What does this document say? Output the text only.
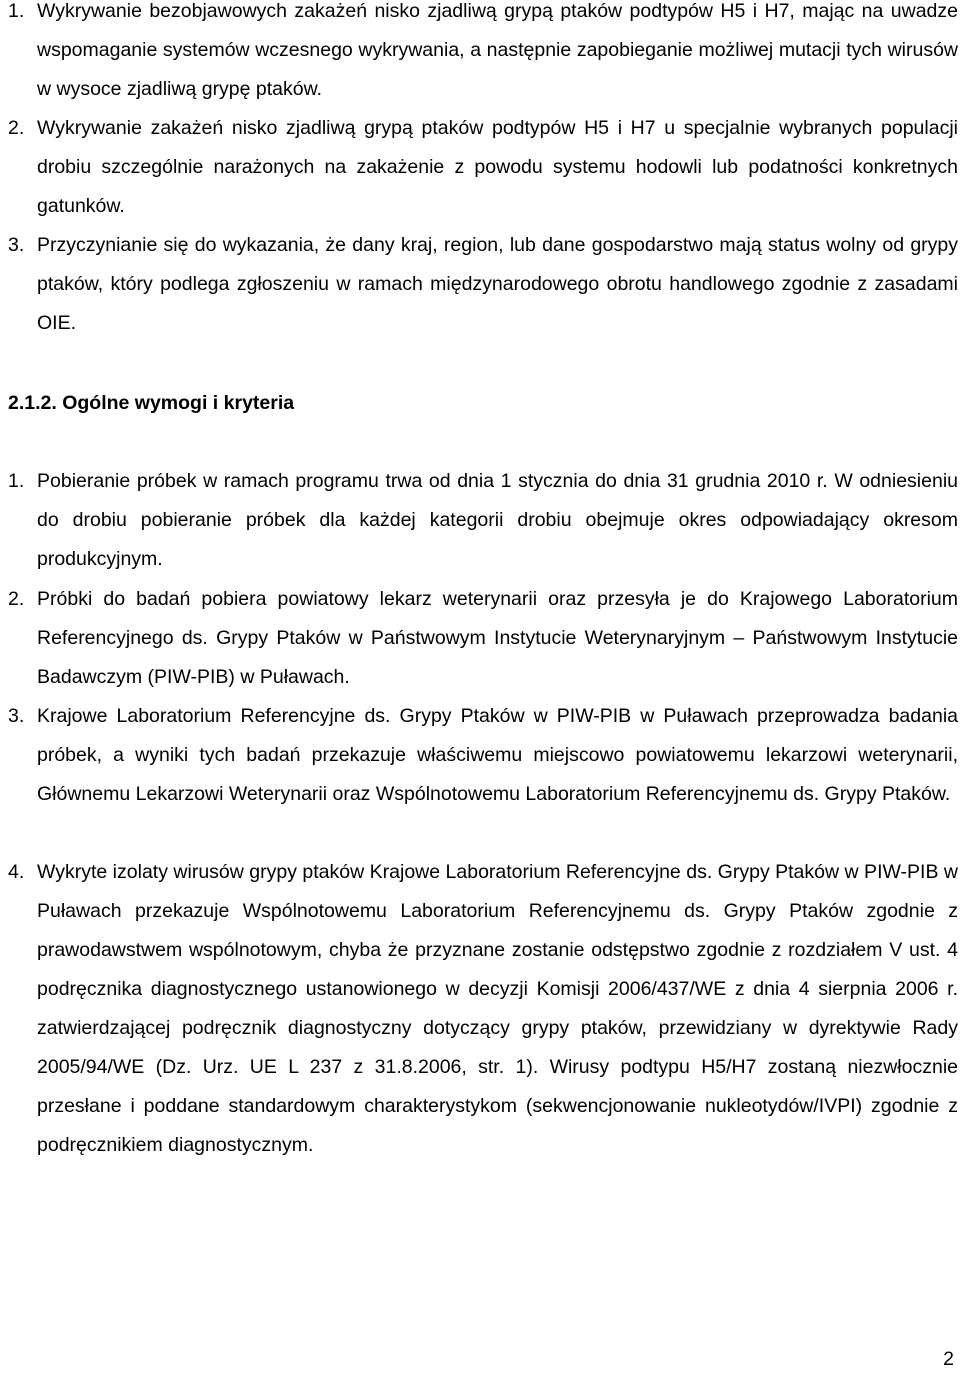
1. Wykrywanie bezobjawowych zakażeń nisko zjadliwą grypą ptaków podtypów H5 i H7, mając na uwadze wspomaganie systemów wczesnego wykrywania, a następnie zapobieganie możliwej mutacji tych wirusów w wysoce zjadliwą grypę ptaków.
2. Wykrywanie zakażeń nisko zjadliwą grypą ptaków podtypów H5 i H7 u specjalnie wybranych populacji drobiu szczególnie narażonych na zakażenie z powodu systemu hodowli lub podatności konkretnych gatunków.
3. Przyczynianie się do wykazania, że dany kraj, region, lub dane gospodarstwo mają status wolny od grypy ptaków, który podlega zgłoszeniu w ramach międzynarodowego obrotu handlowego zgodnie z zasadami OIE.
2.1.2. Ogólne wymogi i kryteria
1. Pobieranie próbek w ramach programu trwa od dnia 1 stycznia do dnia 31 grudnia 2010 r. W odniesieniu do drobiu pobieranie próbek dla każdej kategorii drobiu obejmuje okres odpowiadający okresom produkcyjnym.
2. Próbki do badań pobiera powiatowy lekarz weterynarii oraz przesyła je do Krajowego Laboratorium Referencyjnego ds. Grypy Ptaków w Państwowym Instytucie Weterynaryjnym – Państwowym Instytucie Badawczym (PIW-PIB) w Puławach.
3. Krajowe Laboratorium Referencyjne ds. Grypy Ptaków w PIW-PIB w Puławach przeprowadza badania próbek, a wyniki tych badań przekazuje właściwemu miejscowo powiatowemu lekarzowi weterynarii, Głównemu Lekarzowi Weterynarii oraz Wspólnotowemu Laboratorium Referencyjnemu ds. Grypy Ptaków.
4. Wykryte izolaty wirusów grypy ptaków Krajowe Laboratorium Referencyjne ds. Grypy Ptaków w PIW-PIB w Puławach przekazuje Wspólnotowemu Laboratorium Referencyjnemu ds. Grypy Ptaków zgodnie z prawodawstwem wspólnotowym, chyba że przyznane zostanie odstępstwo zgodnie z rozdziałem V ust. 4 podręcznika diagnostycznego ustanowionego w decyzji Komisji 2006/437/WE z dnia 4 sierpnia 2006 r. zatwierdzającej podręcznik diagnostyczny dotyczący grypy ptaków, przewidziany w dyrektywie Rady 2005/94/WE (Dz. Urz. UE L 237 z 31.8.2006, str. 1). Wirusy podtypu H5/H7 zostaną niezwłocznie przesłane i poddane standardowym charakterystykom (sekwencjonowanie nukleotydów/IVPI) zgodnie z podręcznikiem diagnostycznym.
2
